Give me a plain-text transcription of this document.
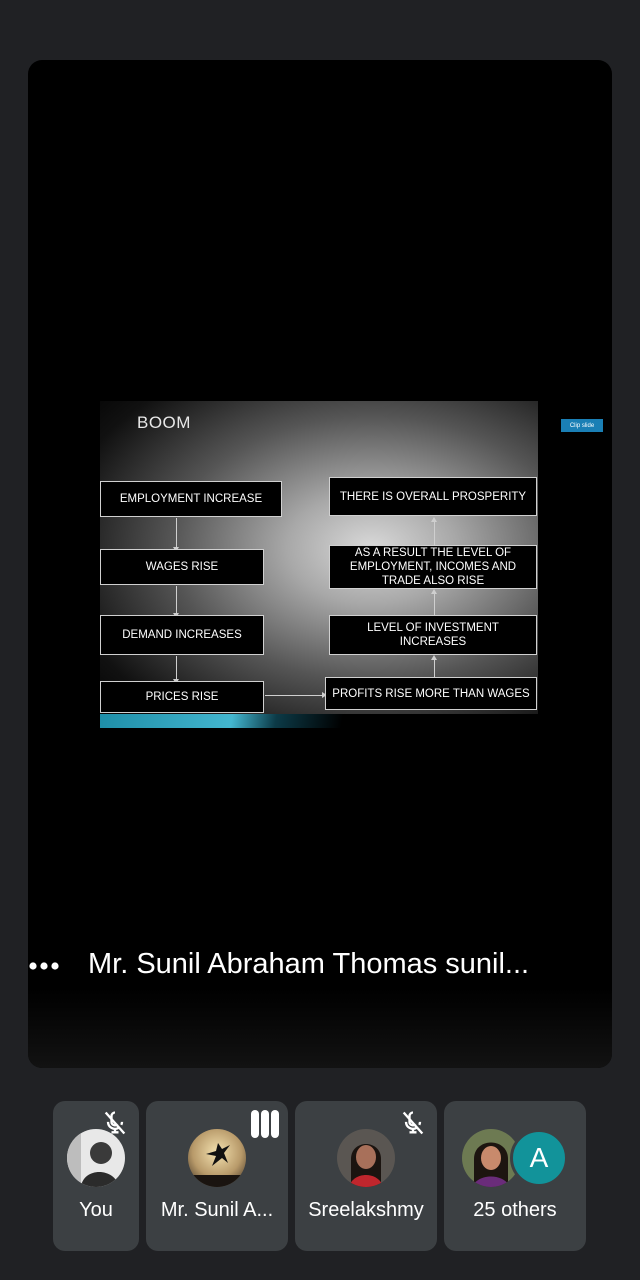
BOOM
EMPLOYMENT INCREASE
WAGES RISE
DEMAND INCREASES
PRICES RISE
THERE IS OVERALL PROSPERITY
AS A RESULT THE LEVEL OF EMPLOYMENT, INCOMES AND TRADE ALSO RISE
LEVEL OF INVESTMENT INCREASES
PROFITS RISE MORE THAN WAGES
Clip slide
Mr. Sunil Abraham Thomas sunil...
You	Mr. Sunil A...	Sreelakshmy
A
25 others
